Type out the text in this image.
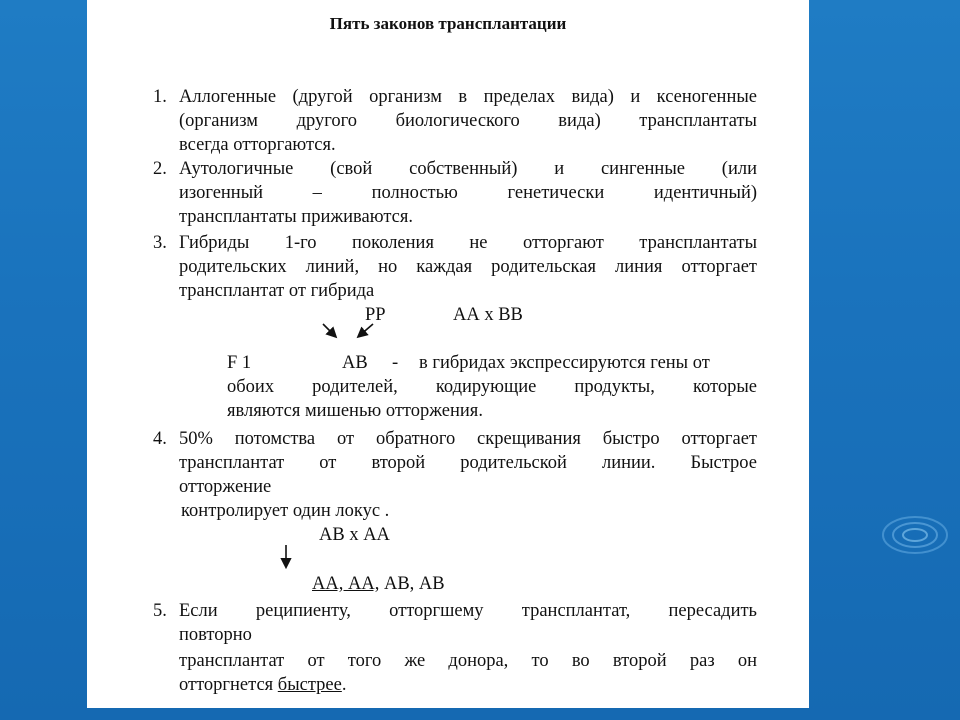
Пять законов трансплантации
1. Аллогенные (другой организм в пределах вида) и ксеногенные
(организм другого биологического вида) трансплантаты
всегда отторгаются.
2. Аутологичные (свой собственный) и сингенные (или
изогенный – полностью генетически идентичный)
трансплантаты приживаются.
3. Гибриды 1-го поколения не отторгают трансплантаты
родительских линий, но каждая родительская линия отторгает
трансплантат от гибрида
РР	АА х ВВ
F 1	АВ - в гибридах экспрессируются гены от
обоих родителей, кодирующие продукты, которые
являются мишенью отторжения.
4. 50% потомства от обратного скрещивания быстро отторгает
трансплантат от второй родительской линии. Быстрое
отторжение
контролирует один локус .
АВ х АА
АА, АА, АВ, АВ
5. Если реципиенту, отторгшему трансплантат, пересадить
повторно
трансплантат от того же донора, то во второй раз он
отторгнется быстрее.
